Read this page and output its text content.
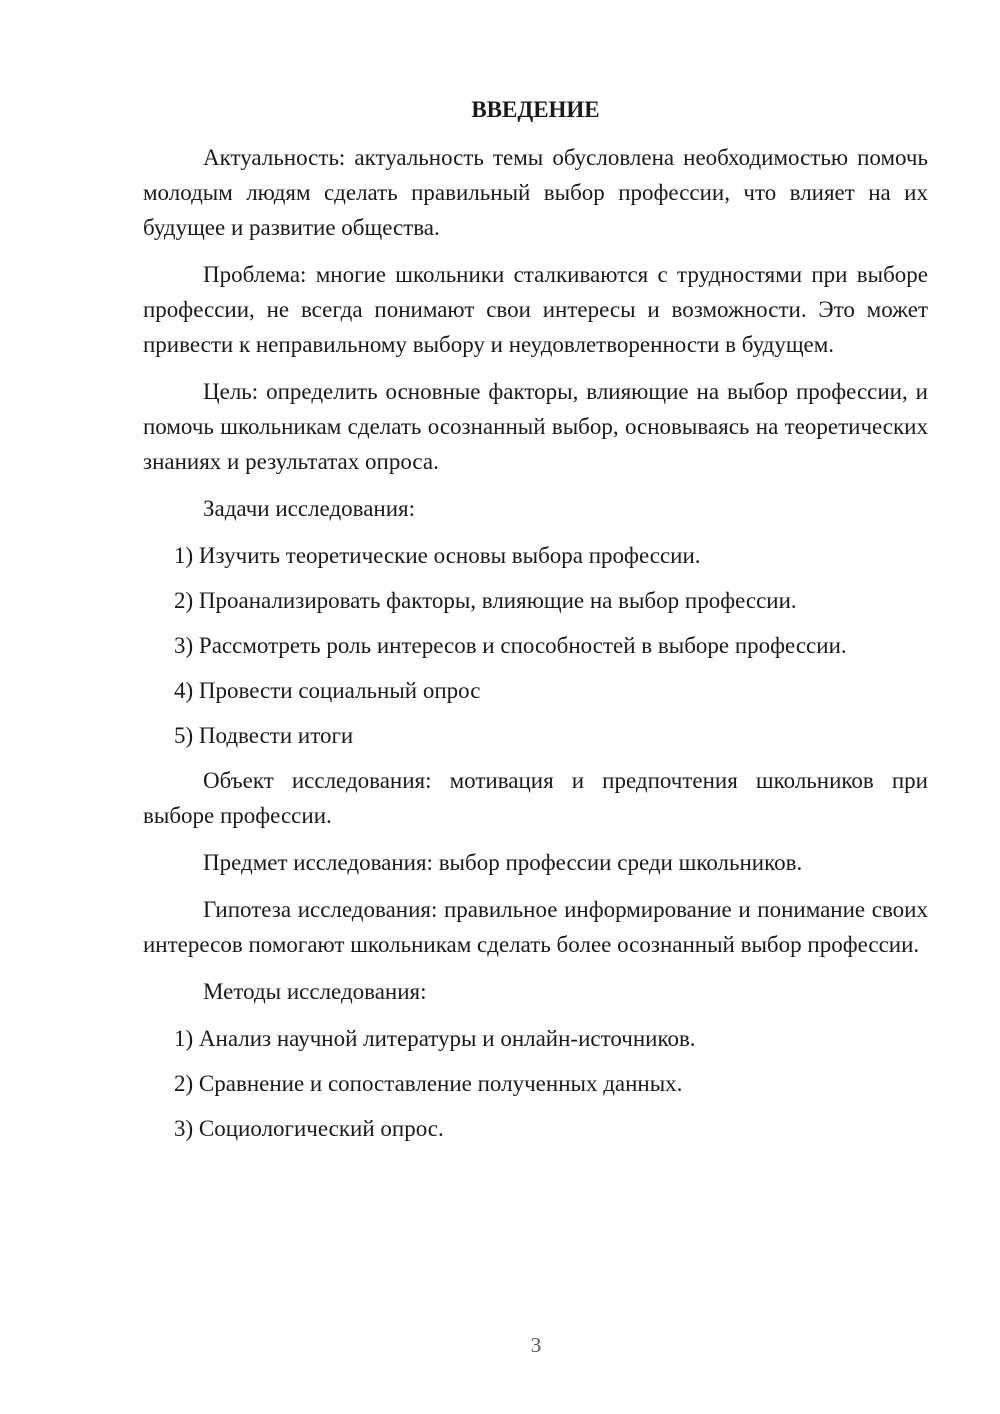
ВВЕДЕНИЕ

Актуальность: актуальность темы обусловлена необходимостью помочь молодым людям сделать правильный выбор профессии, что влияет на их будущее и развитие общества.

Проблема: многие школьники сталкиваются с трудностями при выборе профессии, не всегда понимают свои интересы и возможности. Это может привести к неправильному выбору и неудовлетворенности в будущем.

Цель: определить основные факторы, влияющие на выбор профессии, и помочь школьникам сделать осознанный выбор, основываясь на теоретических знаниях и результатах опроса.

Задачи исследования:

1) Изучить теоретические основы выбора профессии.
2) Проанализировать факторы, влияющие на выбор профессии.
3) Рассмотреть роль интересов и способностей в выборе профессии.
4) Провести социальный опрос
5) Подвести итоги

Объект исследования: мотивация и предпочтения школьников при выборе профессии.

Предмет исследования: выбор профессии среди школьников.

Гипотеза исследования: правильное информирование и понимание своих интересов помогают школьникам сделать более осознанный выбор профессии.

Методы исследования:

1) Анализ научной литературы и онлайн-источников.
2) Сравнение и сопоставление полученных данных.
3) Социологический опрос.
3
